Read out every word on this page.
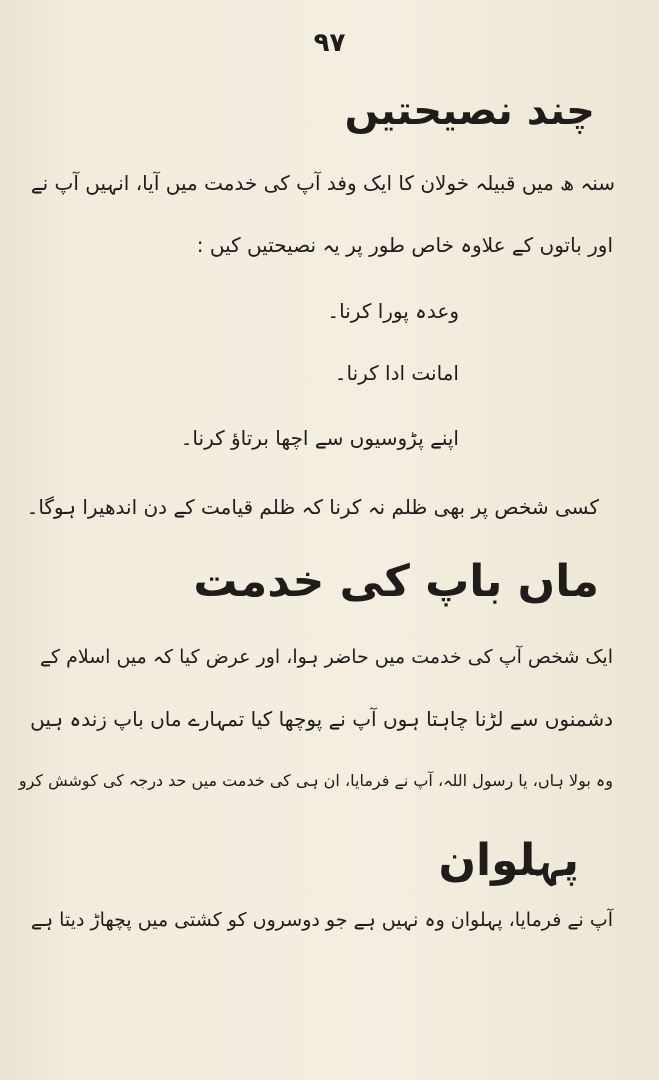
۹۷
چند نصیحتیں
سنہ ھ میں قبیلہ خولان کا ایک وفد آپ کی خدمت میں آیا، انہیں آپ نے
اور باتوں کے علاوہ خاص طور پر یہ نصیحتیں کیں :
وعدہ پورا کرنا۔
امانت ادا کرنا۔
اپنے پڑوسیوں سے اچھا برتاؤ کرنا۔
کسی شخص پر بھی ظلم نہ کرنا کہ ظلم قیامت کے دن اندھیرا ہوگا۔
ماں باپ کی خدمت
ایک شخص آپ کی خدمت میں حاضر ہوا، اور عرض کیا کہ میں اسلام کے
دشمنوں سے لڑنا چاہتا ہوں آپ نے پوچھا کیا تمہارے ماں باپ زندہ ہیں
وہ بولا ہاں، یا رسول اللہ، آپ نے فرمایا، ان ہی کی خدمت میں حد درجہ کی کوشش کرو
پہلوان
آپ نے فرمایا، پہلوان وہ نہیں ہے جو دوسروں کو کشتی میں پچھاڑ دیتا ہے
